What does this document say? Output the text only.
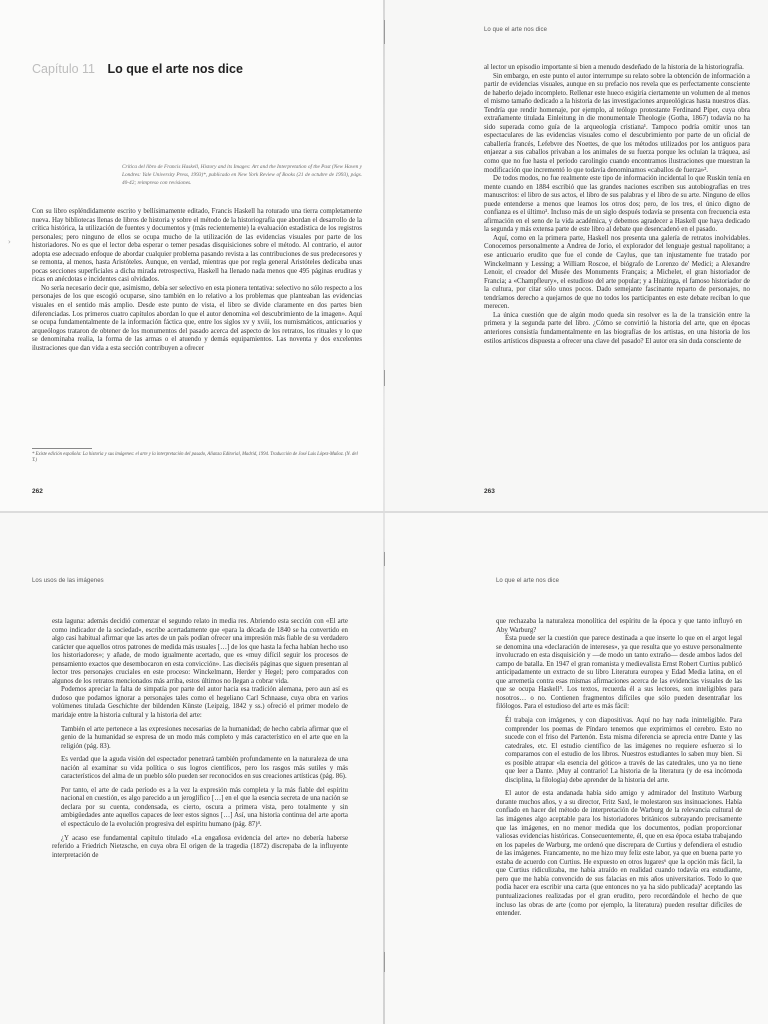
Capítulo 11 Lo que el arte nos dice
Crítica del libro de Francis Haskell, History and its Images: Art and the Interpretation of the Past (New Haven y Londres: Yale University Press, 1993)*, publicado en New York Review of Books (21 de octubre de 1993), págs. 40-42; reimpreso con revisiones.

Con su libro espléndidamente escrito y bellísimamente editado, Francis Haskell ha roturado una tierra completamente nueva. Hay bibliotecas llenas de libros de historia y sobre el método de la historiografía que abordan el desarrollo de la crítica histórica, la utilización de fuentes y documentos y (más recientemente) la evaluación estadística de los registros personales; pero ninguno de ellos se ocupa mucho de la utilización de las evidencias visuales por parte de los historiadores. No es que el lector deba esperar o temer pesadas disquisiciones sobre el método. Al contrario, el autor adopta ese adecuado enfoque de abordar cualquier problema pasando revista a las contribuciones de sus predecesores y se remonta, al menos, hasta Aristóteles. Aunque, en verdad, mientras que por regla general Aristóteles dedicaba unas pocas secciones superficiales a dicha mirada retrospectiva, Haskell ha llenado nada menos que 495 páginas eruditas y ricas en anécdotas e incidentes casi olvidados.

No sería necesario decir que, asimismo, debía ser selectivo en esta pionera tentativa: selectivo no sólo respecto a los personajes de los que escogió ocuparse, sino también en lo relativo a los problemas que planteaban las evidencias visuales en el sentido más amplio. Desde este punto de vista, el libro se divide claramente en dos partes bien diferenciadas. Los primeros cuatro capítulos abordan lo que el autor denomina «el descubrimiento de la imagen». Aquí se ocupa fundamentalmente de la información fáctica que, entre los siglos xv y xviii, los numismáticos, anticuarios y arqueólogos trataron de obtener de los monumentos del pasado acerca del aspecto de los retratos, los rituales y lo que se denominaba realia, la forma de las armas o el atuendo y demás equipamientos. Las noventa y dos excelentes ilustraciones que dan vida a esta sección contribuyen a ofrecer

* Existe edición española: La historia y sus imágenes: el arte y la interpretación del pasado, Alianza Editorial, Madrid, 1994. Traducción de José Luis López-Muñoz. (N. del T.)
262
›
Lo que el arte nos dice

al lector un episodio importante si bien a menudo desdeñado de la historia de la historiografía.

Sin embargo, en este punto el autor interrumpe su relato sobre la obtención de información a partir de evidencias visuales, aunque en su prefacio nos revela que es perfectamente consciente de haberlo dejado incompleto. Rellenar este hueco exigiría ciertamente un volumen de al menos el mismo tamaño dedicado a la historia de las investigaciones arqueológicas hasta nuestros días. Tendría que rendir homenaje, por ejemplo, al teólogo protestante Ferdinand Piper, cuya obra extrañamente titulada Einleitung in die monumentale Theologie (Gotha, 1867) todavía no ha sido superada como guía de la arqueología cristiana¹. Tampoco podría omitir unos tan espectaculares de las evidencias visuales como el descubrimiento por parte de un oficial de caballería francés, Lefebvre des Noettes, de que los métodos utilizados por los antiguos para enjaezar a sus caballos privaban a los animales de su fuerza porque les ocluían la tráquea, así como que no fue hasta el período carolingio cuando encontramos ilustraciones que muestran la modificación que incrementó lo que todavía denominamos «caballos de fuerza»².

De todos modos, no fue realmente este tipo de información incidental lo que Ruskin tenía en mente cuando en 1884 escribió que las grandes naciones escriben sus autobiografías en tres manuscritos: el libro de sus actos, el libro de sus palabras y el libro de su arte. Ninguno de ellos puede entenderse a menos que leamos los otros dos; pero, de los tres, el único digno de confianza es el último³. Incluso más de un siglo después todavía se presenta con frecuencia esta afirmación en el seno de la vida académica, y debemos agradecer a Haskell que haya dedicado la segunda y más extensa parte de este libro al debate que desencadenó en el pasado.

Aquí, como en la primera parte, Haskell nos presenta una galería de retratos inolvidables. Conocemos personalmente a Andrea de Jorio, el explorador del lenguaje gestual napolitano; a ese anticuario erudito que fue el conde de Caylus, que tan injustamente fue tratado por Winckelmann y Lessing; a William Roscoe, el biógrafo de Lorenzo de' Medici; a Alexandre Lenoir, el creador del Musée des Monuments Français; a Michelet, el gran historiador de Francia; a «Champfleury», el estudioso del arte popular; y a Huizinga, el famoso historiador de la cultura, por citar sólo unos pocos. Dado semejante fascinante reparto de personajes, no tendríamos derecho a quejarnos de que no todos los participantes en este debate reciban lo que merecen.

La única cuestión que de algún modo queda sin resolver es la de la transición entre la primera y la segunda parte del libro. ¿Cómo se convirtió la historia del arte, que en épocas anteriores consistía fundamentalmente en las biografías de los artistas, en una historia de los estilos artísticos dispuesta a ofrecer una clave del pasado? El autor era sin duda consciente de

263
Los usos de las imágenes

esta laguna: además decidió comenzar el segundo relato in media res. Abriendo esta sección con «El arte como indicador de la sociedad», escribe acertadamente que «para la década de 1840 se ha convertido en algo casi habitual afirmar que las artes de un país podían ofrecer una impresión más fiable de su verdadero carácter que aquellos otros patrones de medida más usuales […] de los que hasta la fecha habían hecho uso los historiadores»; y añade, de modo igualmente acertado, que es «muy difícil seguir los procesos de pensamiento exactos que desembocaron en esta convicción». Las dieciséis páginas que siguen presentan al lector tres personajes cruciales en este proceso: Winckelmann, Herder y Hegel; pero comparados con algunos de los retratos mencionados más arriba, estos últimos no llegan a cobrar vida.

Podemos apreciar la falta de simpatía por parte del autor hacia esa tradición alemana, pero aun así es dudoso que podamos ignorar a personajes tales como el hegeliano Carl Schnaase, cuya obra en varios volúmenes titulada Geschichte der bildenden Künste (Leipzig, 1842 y ss.) ofreció el primer modelo de maridaje entre la historia cultural y la historia del arte:

También el arte pertenece a las expresiones necesarias de la humanidad; de hecho cabría afirmar que el genio de la humanidad se expresa de un modo más completo y más característico en el arte que en la religión (pág. 83).

Es verdad que la aguda visión del espectador penetrará también profundamente en la naturaleza de una nación al examinar su vida política o sus logros científicos, pero los rasgos más sutiles y más característicos del alma de un pueblo sólo pueden ser reconocidos en sus creaciones artísticas (pág. 86).

Por tanto, el arte de cada período es a la vez la expresión más completa y la más fiable del espíritu nacional en cuestión, es algo parecido a un jeroglífico […] en el que la esencia secreta de una nación se declara por su cuenta, condensada, es cierto, oscura a primera vista, pero totalmente y sin ambigüedades ante aquellos capaces de leer estos signos […] Así, una historia continua del arte aporta el espectáculo de la evolución progresiva del espíritu humano (pág. 87)⁴.

¿Y acaso ese fundamental capítulo titulado «La engañosa evidencia del arte» no debería haberse referido a Friedrich Nietzsche, en cuya obra El origen de la tragedia (1872) discrepaba de la influyente interpretación de

Lo que el arte nos dice

que rechazaba la naturaleza monolítica del espíritu de la época y que tanto influyó en Aby Warburg?

Ésta puede ser la cuestión que parece destinada a que inserte lo que en el argot legal se denomina una «declaración de intereses», ya que resulta que yo estuve personalmente involucrado en esta disquisición y —de modo un tanto extraño— desde ambos lados del campo de batalla. En 1947 el gran romanista y medievalista Ernst Robert Curtius publicó anticipadamente un extracto de su libro Literatura europea y Edad Media latina, en el que arremetía contra esas mismas afirmaciones acerca de las evidencias visuales de las que se ocupa Haskell⁵. Los textos, recuerda él a sus lectores, son inteligibles para nosotros… o no. Contienen fragmentos difíciles que sólo pueden desentrañar los filólogos. Para el estudioso del arte es más fácil:

Él trabaja con imágenes, y con diapositivas. Aquí no hay nada ininteligible. Para comprender los poemas de Píndaro tenemos que exprimirnos el cerebro. Esto no sucede con el friso del Partenón. Esta misma diferencia se aprecia entre Dante y las catedrales, etc. El estudio científico de las imágenes no requiere esfuerzo si lo comparamos con el estudio de los libros. Nuestros estudiantes lo saben muy bien. Si es posible atrapar «la esencia del gótico» a través de las catedrales, uno ya no tiene que leer a Dante. ¡Muy al contrario! La historia de la literatura (y de esa incómoda disciplina, la filología) debe aprender de la historia del arte.

El autor de esta andanada había sido amigo y admirador del Instituto Warburg durante muchos años, y a su director, Fritz Saxl, le molestaron sus insinuaciones. Había confiado en hacer del método de interpretación de Warburg de la relevancia cultural de las imágenes algo aceptable para los historiadores británicos subrayando precisamente que las imágenes, en no menor medida que los documentos, podían proporcionar valiosas evidencias históricas. Consecuentemente, él, que en esa época estaba trabajando en los papeles de Warburg, me ordenó que discrepara de Curtius y defendiera el estudio de las imágenes. Francamente, no me hizo muy feliz este labor, ya que en buena parte yo estaba de acuerdo con Curtius. He expuesto en otros lugares⁶ que la opción más fácil, la que Curtius ridiculizaba, me había atraído en realidad cuando todavía era estudiante, pero que me había convencido de sus falacias en mis años universitarios. Todo lo que podía hacer era escribir una carta (que entonces no ya ha sido publicada)⁷ aceptando las puntualizaciones realizadas por el gran erudito, pero recordándole el hecho de que incluso las obras de arte (como por ejemplo, la literatura) pueden resultar difíciles de entender.
